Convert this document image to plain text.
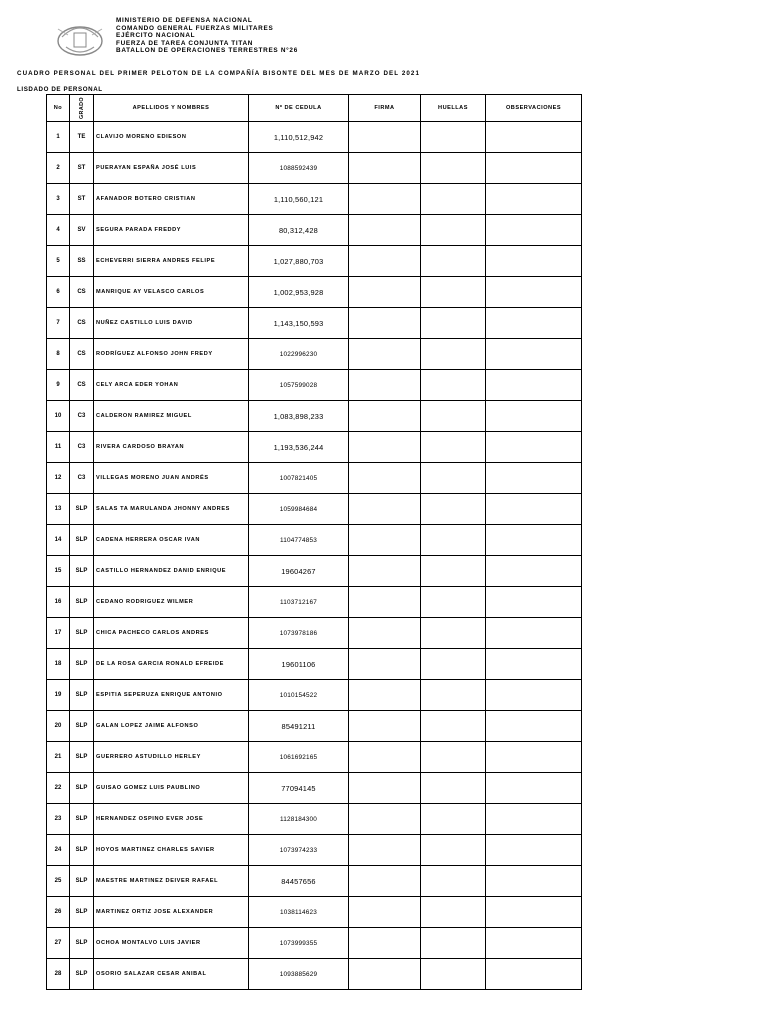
MINISTERIO DE DEFENSA NACIONAL
COMANDO GENERAL FUERZAS MILITARES
EJÉRCITO NACIONAL
FUERZA DE TAREA CONJUNTA TITAN
BATALLON DE OPERACIONES TERRESTRES N°26
CUADRO PERSONAL DEL PRIMER PELOTON DE LA COMPAÑÍA BISONTE DEL MES DE MARZO DEL 2021
LISDADO DE PERSONAL
No	GRADO	APELLIDOS Y NOMBRES	Nº DE CEDULA	FIRMA	HUELLAS	OBSERVACIONES
1	TE	CLAVIJO MORENO EDIESON	1,110,512,942			
2	ST	PUERAYAN ESPAÑA JOSÉ LUIS	1088592439			
3	ST	AFANADOR BOTERO CRISTIAN	1,110,560,121			
4	SV	SEGURA PARADA FREDDY	80,312,428			
5	SS	ECHEVERRI SIERRA ANDRES FELIPE	1,027,880,703			
6	CS	MANRIQUE AY VELASCO CARLOS	1,002,953,928			
7	CS	NUÑEZ CASTILLO LUIS DAVID	1,143,150,593			
8	CS	RODRÍGUEZ ALFONSO JOHN FREDY	1022996230			
9	CS	CELY ARCA EDER YOHAN	1057599028			
10	C3	CALDERON RAMIREZ MIGUEL	1,083,898,233			
11	C3	RIVERA CARDOSO BRAYAN	1,193,536,244			
12	C3	VILLEGAS MORENO JUAN ANDRÉS	1007821405			
13	SLP	SALAS TA MARULANDA JHONNY ANDRES	1059984684			
14	SLP	CADENA HERRERA OSCAR IVAN	1104774853			
15	SLP	CASTILLO HERNANDEZ DANID ENRIQUE	19604267			
16	SLP	CEDANO RODRIGUEZ WILMER	1103712167			
17	SLP	CHICA PACHECO CARLOS ANDRES	1073978186			
18	SLP	DE LA ROSA GARCIA RONALD EFREIDE	19601106			
19	SLP	ESPITIA SEPERUZA ENRIQUE ANTONIO	1010154522			
20	SLP	GALAN LOPEZ JAIME ALFONSO	85491211			
21	SLP	GUERRERO ASTUDILLO HERLEY	1061692165			
22	SLP	GUISAO GOMEZ LUIS PAUBLINO	77094145			
23	SLP	HERNANDEZ OSPINO EVER JOSE	1128184300			
24	SLP	HOYOS MARTINEZ CHARLES SAVIER	1073974233			
25	SLP	MAESTRE MARTINEZ DEIVER RAFAEL	84457656			
26	SLP	MARTINEZ ORTIZ JOSE ALEXANDER	1038114623			
27	SLP	OCHOA MONTALVO LUIS JAVIER	1073999355			
28	SLP	OSORIO SALAZAR CESAR ANIBAL	1093885629			
